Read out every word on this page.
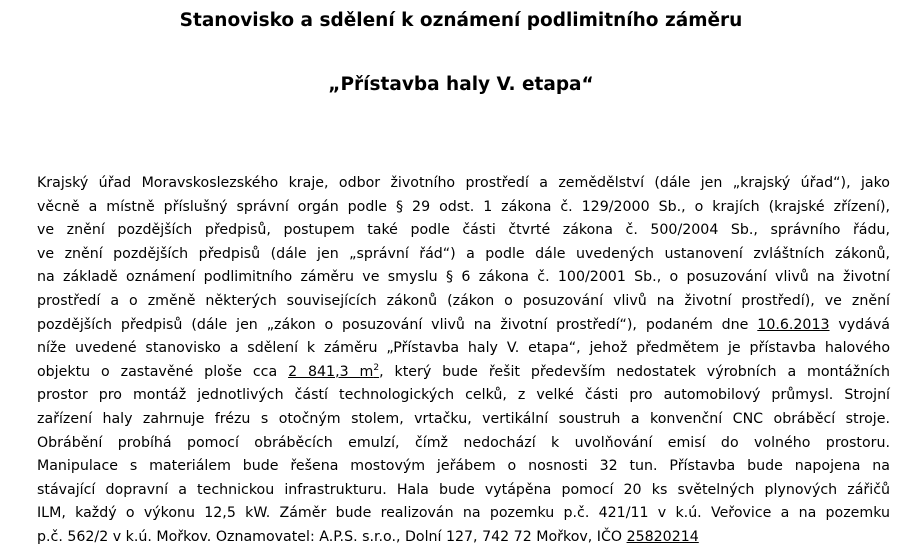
Stanovisko a sdělení k oznámení podlimitního záměru
„Přístavba haly V. etapa“
Krajský úřad Moravskoslezského kraje, odbor životního prostředí a zemědělství (dále jen „krajský úřad“), jako
věcně a místně příslušný správní orgán podle § 29 odst. 1 zákona č. 129/2000 Sb., o krajích (krajské zřízení),
ve znění pozdějších předpisů, postupem také podle části čtvrté zákona č. 500/2004 Sb., správního řádu,
ve znění pozdějších předpisů (dále jen „správní řád“) a podle dále uvedených ustanovení zvláštních zákonů,
na základě oznámení podlimitního záměru ve smyslu § 6 zákona č. 100/2001 Sb., o posuzování vlivů na životní
prostředí a o změně některých souvisejících zákonů (zákon o posuzování vlivů na životní prostředí), ve znění
pozdějších předpisů (dále jen „zákon o posuzování vlivů na životní prostředí“), podaném dne 10.6.2013 vydává
níže uvedené stanovisko a sdělení k záměru „Přístavba haly V. etapa“, jehož předmětem je přístavba halového
objektu o zastavěné ploše cca 2 841,3 $m^2$, který bude řešit především nedostatek výrobních a montážních
prostor pro montáž jednotlivých částí technologických celků, z velké části pro automobilový průmysl. Strojní
zařízení haly zahrnuje frézu s otočným stolem, vrtačku, vertikální soustruh a konvenční CNC obráběcí stroje.
Obrábění probíhá pomocí obráběcích emulzí, čímž nedochází k uvolňování emisí do volného prostoru.
Manipulace s materiálem bude řešena mostovým jeřábem o nosnosti 32 tun. Přístavba bude napojena na
stávající dopravní a technickou infrastrukturu. Hala bude vytápěna pomocí 20 ks světelných plynových zářičů
ILM, každý o výkonu 12,5 kW. Záměr bude realizován na pozemku p.č. 421/11 v k.ú. Veřovice a na pozemku
p.č. 562/2 v k.ú. Mořkov. Oznamovatel: A.P.S. s.r.o., Dolní 127, 742 72 Mořkov, IČO 25820214
